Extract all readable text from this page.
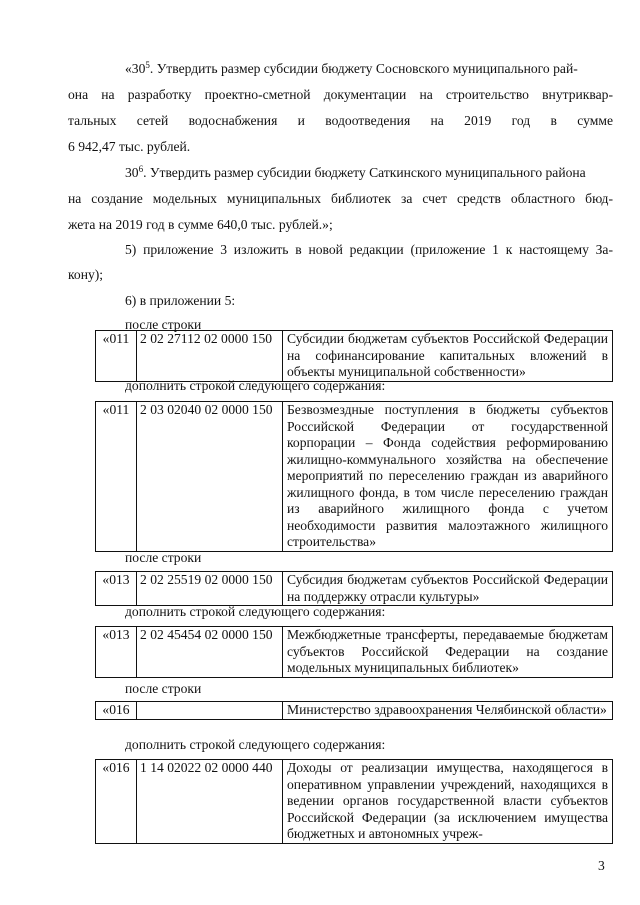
«$30^5$. Утвердить размер субсидии бюджету Сосновского муниципального рай-
она на разработку проектно-сметной документации на строительство внутриквар-
тальных сетей водоснабжения и водоотведения на 2019 год в сумме
6 942,47 тыс. рублей.
$30^6$. Утвердить размер субсидии бюджету Саткинского муниципального района
на создание модельных муниципальных библиотек за счет средств областного бюд-
жета на 2019 год в сумме 640,0 тыс. рублей.»;
5) приложение 3 изложить в новой редакции (приложение 1 к настоящему За-
кону);
6) в приложении 5:
после строки
«011	2 02 27112 02 0000 150	Субсидии бюджетам субъектов Российской Федерации на софинансирование капитальных вложений в объекты муниципальной собственности»
дополнить строкой следующего содержания:
«011	2 03 02040 02 0000 150	Безвозмездные поступления в бюджеты субъектов Российской Федерации от государственной корпорации – Фонда содействия реформированию жилищно-коммунального хозяйства на обеспечение мероприятий по переселению граждан из аварийного жилищного фонда, в том числе переселению граждан из аварийного жилищного фонда с учетом необходимости развития малоэтажного жилищного строительства»
после строки
«013	2 02 25519 02 0000 150	Субсидия бюджетам субъектов Российской Федерации на поддержку отрасли культуры»
дополнить строкой следующего содержания:
«013	2 02 45454 02 0000 150	Межбюджетные трансферты, передаваемые бюджетам субъектов Российской Федерации на создание модельных муниципальных библиотек»
после строки
«016		Министерство здравоохранения Челябинской области»
дополнить строкой следующего содержания:
«016	1 14 02022 02 0000 440	Доходы от реализации имущества, находящегося в оперативном управлении учреждений, находящихся в ведении органов государственной власти субъектов Российской Федерации (за исключением имущества бюджетных и автономных учреж-
3
